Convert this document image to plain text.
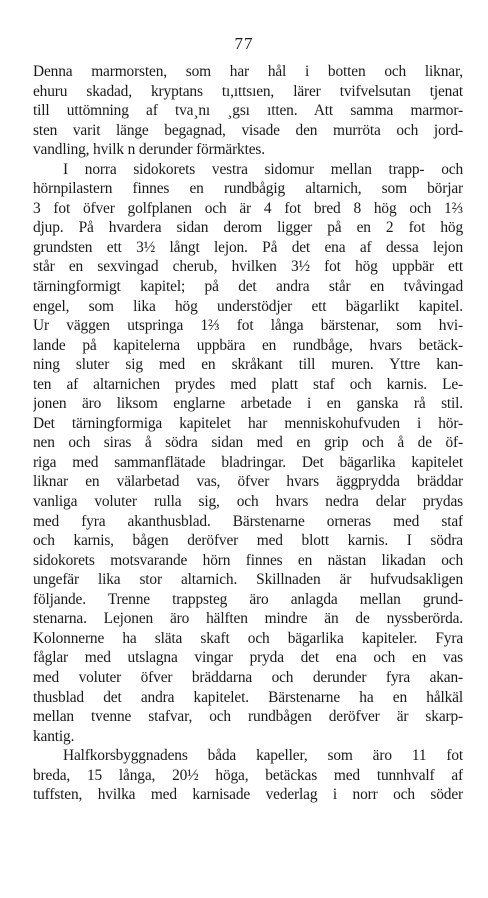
77
Denna marmorsten, som har hål i botten och liknar,
ehuru skadad, kryptans tı,ıttsıen, lärer tvifvelsutan tjenat
till uttömning af tva¸nı ¸gsı ıtten. Att samma marmor-
sten varit länge begagnad, visade den murröta och jord-
vandling, hvilk n derunder förmärktes.
I norra sidokorets vestra sidomur mellan trapp- och
hörnpilastern finnes en rundbågig altarnich, som börjar
3 fot öfver golfplanen och är 4 fot bred 8 hög och 1⅔
djup. På hvardera sidan derom ligger på en 2 fot hög
grundsten ett 3½ långt lejon. På det ena af dessa lejon
står en sexvingad cherub, hvilken 3½ fot hög uppbär ett
tärningformigt kapitel; på det andra står en tvåvingad
engel, som lika hög understödjer ett bägarlikt kapitel.
Ur väggen utspringa 1⅔ fot långa bärstenar, som hvi-
lande på kapitelerna uppbära en rundbåge, hvars betäck-
ning sluter sig med en skråkant till muren. Yttre kan-
ten af altarnichen prydes med platt staf och karnis. Le-
jonen äro liksom englarne arbetade i en ganska rå stil.
Det tärningformiga kapitelet har menniskohufvuden i hör-
nen och siras å södra sidan med en grip och å de öf-
riga med sammanflätade bladringar. Det bägarlika kapitelet
liknar en välarbetad vas, öfver hvars äggprydda bräddar
vanliga voluter rulla sig, och hvars nedra delar prydas
med fyra akanthusblad. Bärstenarne orneras med staf
och karnis, bågen deröfver med blott karnis. I södra
sidokorets motsvarande hörn finnes en nästan likadan och
ungefär lika stor altarnich. Skillnaden är hufvudsakligen
följande. Trenne trappsteg äro anlagda mellan grund-
stenarna. Lejonen äro hälften mindre än de nyssberörda.
Kolonnerne ha släta skaft och bägarlika kapiteler. Fyra
fåglar med utslagna vingar pryda det ena och en vas
med voluter öfver bräddarna och derunder fyra akan-
thusblad det andra kapitelet. Bärstenarne ha en hålkäl
mellan tvenne stafvar, och rundbågen deröfver är skarp-
kantig.
Halfkorsbyggnadens båda kapeller, som äro 11 fot
breda, 15 långa, 20½ höga, betäckas med tunnhvalf af
tuffsten, hvilka med karnisade vederlag i norr och söder
